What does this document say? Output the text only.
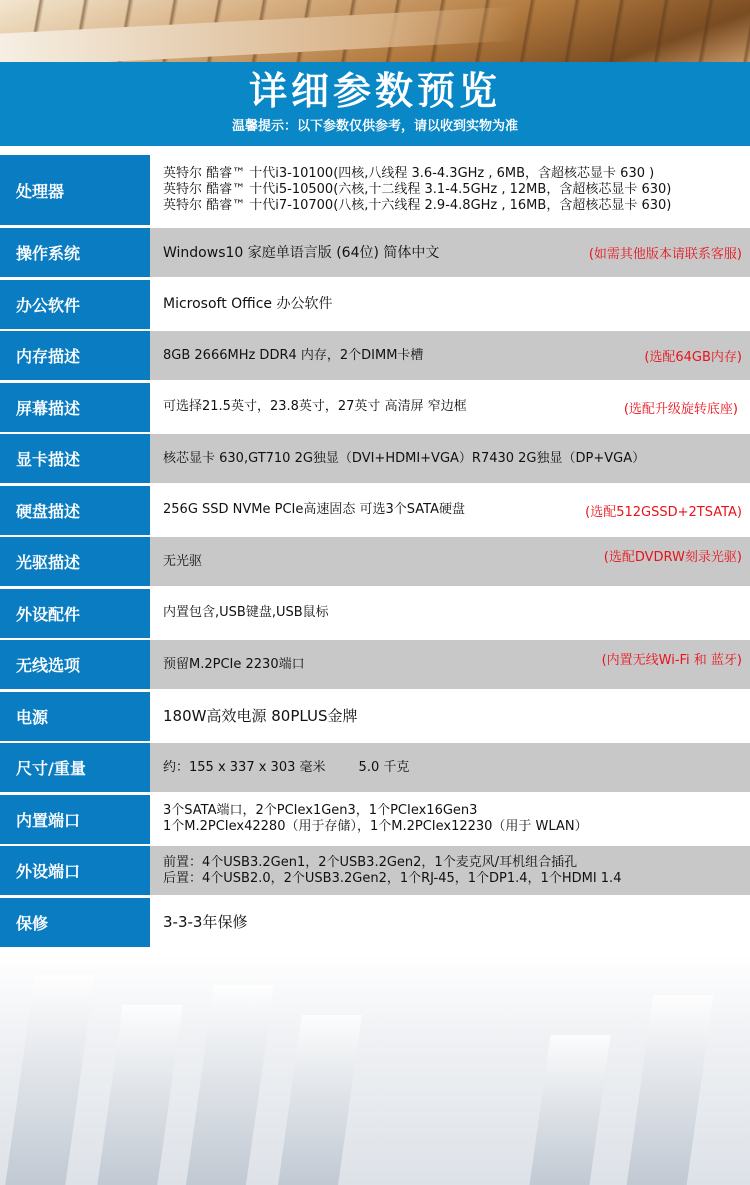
详细参数预览
温馨提示：以下参数仅供参考，请以收到实物为准
处理器
英特尔 酷睿™ 十代i3-10100(四核,八线程 3.6-4.3GHz , 6MB，含超核芯显卡 630 )
英特尔 酷睿™ 十代i5-10500(六核,十二线程 3.1-4.5GHz , 12MB，含超核芯显卡 630)
英特尔 酷睿™ 十代i7-10700(八核,十六线程 2.9-4.8GHz , 16MB，含超核芯显卡 630)
操作系统	Windows10 家庭单语言版 (64位) 简体中文	(如需其他版本请联系客服)
办公软件	Microsoft Office 办公软件
内存描述	8GB 2666MHz DDR4 内存，2个DIMM卡槽	(选配64GB内存)
屏幕描述	可选择21.5英寸，23.8英寸，27英寸 高清屏 窄边框	(选配升级旋转底座)
显卡描述	核芯显卡 630,GT710 2G独显（DVI+HDMI+VGA）R7430 2G独显（DP+VGA）
硬盘描述	256G SSD NVMe PCIe高速固态 可选3个SATA硬盘	(选配512GSSD+2TSATA)
光驱描述	无光驱	(选配DVDRW刻录光驱)
外设配件	内置包含,USB键盘,USB鼠标
无线选项	预留M.2PCIe 2230端口	(内置无线Wi-Fi 和 蓝牙)
电源	180W高效电源 80PLUS金牌
尺寸/重量	约：155 x 337 x 303 毫米        5.0 千克
内置端口	3个SATA端口，2个PCIex1Gen3，1个PCIex16Gen3
1个M.2PCIex42280（用于存储），1个M.2PCIex12230（用于 WLAN）
外设端口	前置：4个USB3.2Gen1，2个USB3.2Gen2，1个麦克风/耳机组合插孔
后置：4个USB2.0，2个USB3.2Gen2，1个RJ-45，1个DP1.4，1个HDMI 1.4
保修	3-3-3年保修
